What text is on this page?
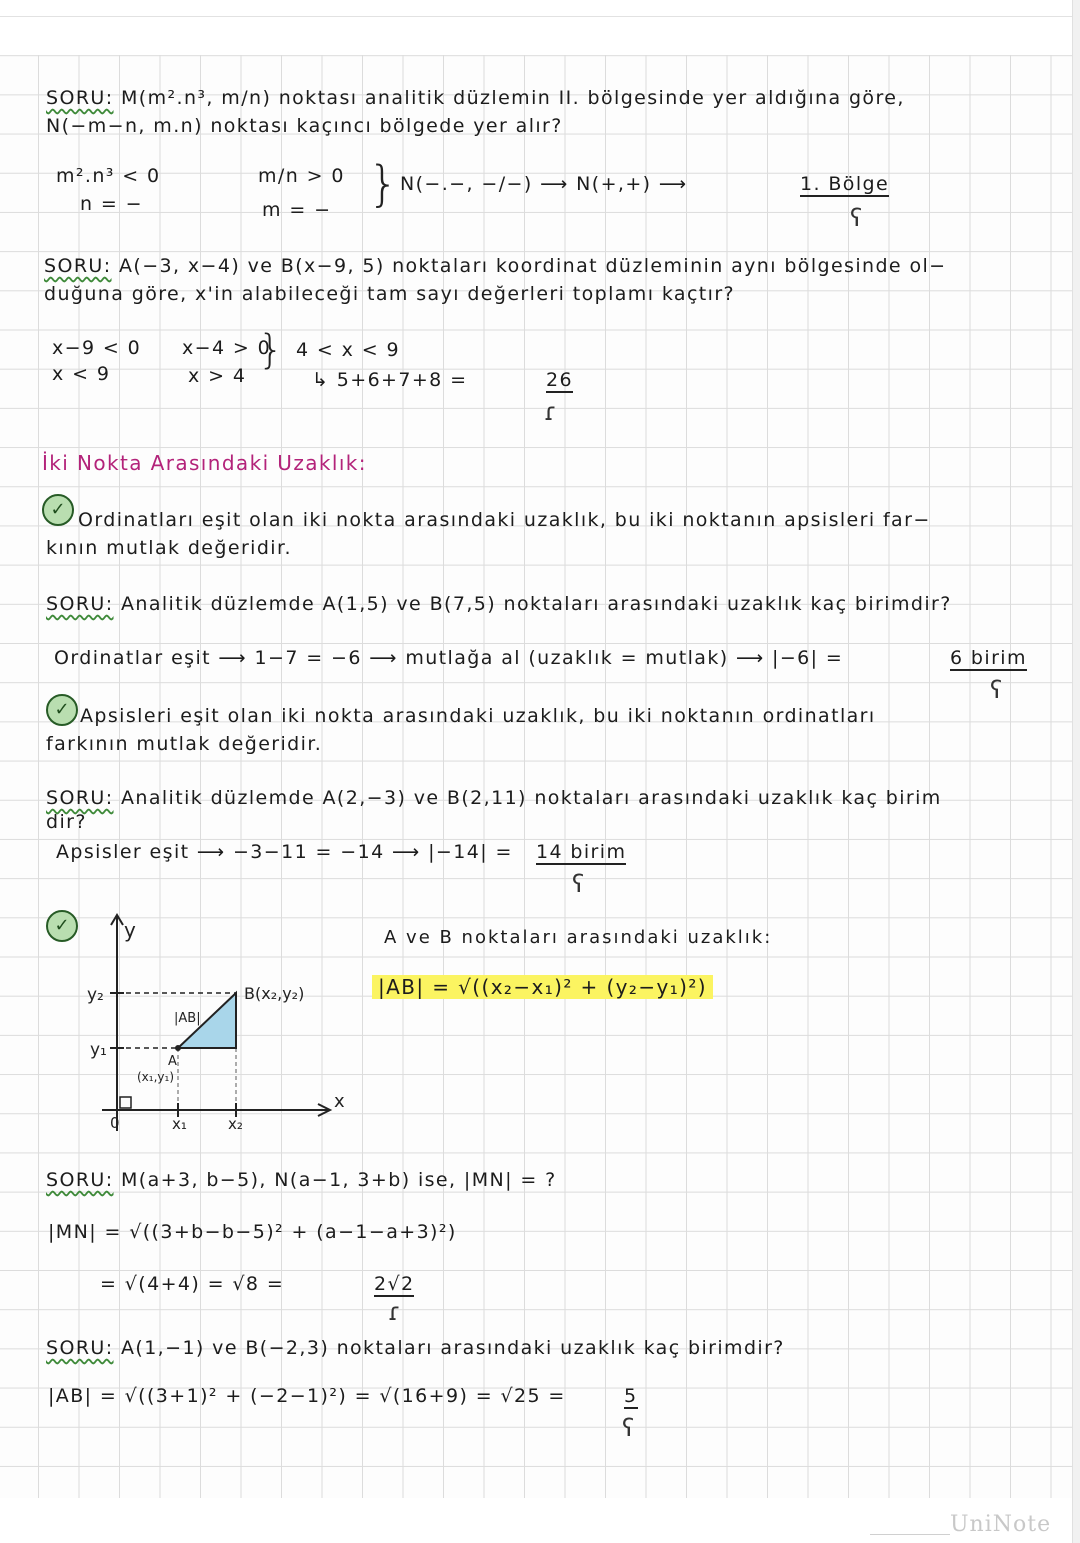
SORU: M(m².n³, m/n) noktası analitik düzlemin II. bölgesinde yer aldığına göre,
N(−m−n, m.n) noktası kaçıncı bölgede yer alır?
m².n³ < 0
n = −
m/n > 0
m = − } N(−.−, −/−) ⟶ N(+,+) ⟶	1. Bölge
ʕ
SORU: A(−3, x−4) ve B(x−9, 5) noktaları koordinat düzleminin aynı bölgesinde ol−
duğuna göre, x'in alabileceği tam sayı değerleri toplamı kaçtır?
x−9 < 0
x < 9
x−4 > 0
x > 4
} 4 < x < 9
↳ 5+6+7+8 =	26
ɾ
İki Nokta Arasındaki Uzaklık:
✓ Ordinatları eşit olan iki nokta arasındaki uzaklık, bu iki noktanın apsisleri far−
kının mutlak değeridir.
SORU: Analitik düzlemde A(1,5) ve B(7,5) noktaları arasındaki uzaklık kaç birimdir?
Ordinatlar eşit ⟶ 1−7 = −6 ⟶ mutlağa al (uzaklık = mutlak) ⟶ |−6| =	6 birim
ʕ
✓ Apsisleri eşit olan iki nokta arasındaki uzaklık, bu iki noktanın ordinatları
farkının mutlak değeridir.
SORU: Analitik düzlemde A(2,−3) ve B(2,11) noktaları arasındaki uzaklık kaç birim
dir?
Apsisler eşit ⟶ −3−11 = −14 ⟶ |−14| = 14 birim
ʕ
✓	y
x
y₂
y₁
0	x₁	x₂
A
(x₁,y₁)
B(x₂,y₂)
|AB|
A ve B noktaları arasındaki uzaklık:
|AB| = √((x₂−x₁)² + (y₂−y₁)²)
SORU: M(a+3, b−5), N(a−1, 3+b) ise, |MN| = ?
|MN| = √((3+b−b−5)² + (a−1−a+3)²)
= √(4+4) = √8 =	2√2
ɾ
SORU: A(1,−1) ve B(−2,3) noktaları arasındaki uzaklık kaç birimdir?
|AB| = √((3+1)² + (−2−1)²) = √(16+9) = √25 =	5
ʕ
UniNote
